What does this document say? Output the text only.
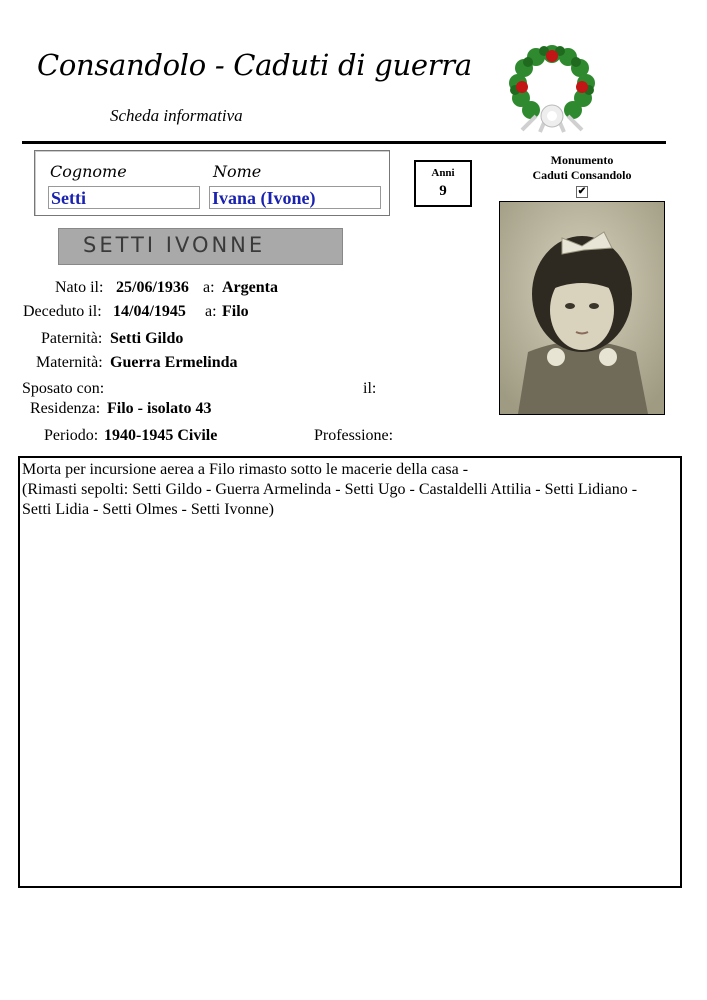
Consandolo - Caduti di guerra
Scheda informativa
Cognome	Nome
Setti	Ivana (Ivone)
Anni
9
Monumento
Caduti Consandolo
✔
SETTI IVONNE
Nato il: 25/06/1936 a: Argenta
Deceduto il: 14/04/1945 a: Filo
Paternità: Setti Gildo
Maternità: Guerra Ermelinda
Sposato con:	il:
Residenza: Filo - isolato 43
Periodo: 1940-1945 Civile	Professione:
Morta per incursione aerea a Filo rimasto sotto le macerie della casa -
(Rimasti sepolti: Setti Gildo - Guerra Armelinda - Setti Ugo - Castaldelli Attilia - Setti Lidiano -
Setti Lidia - Setti Olmes - Setti Ivonne)
